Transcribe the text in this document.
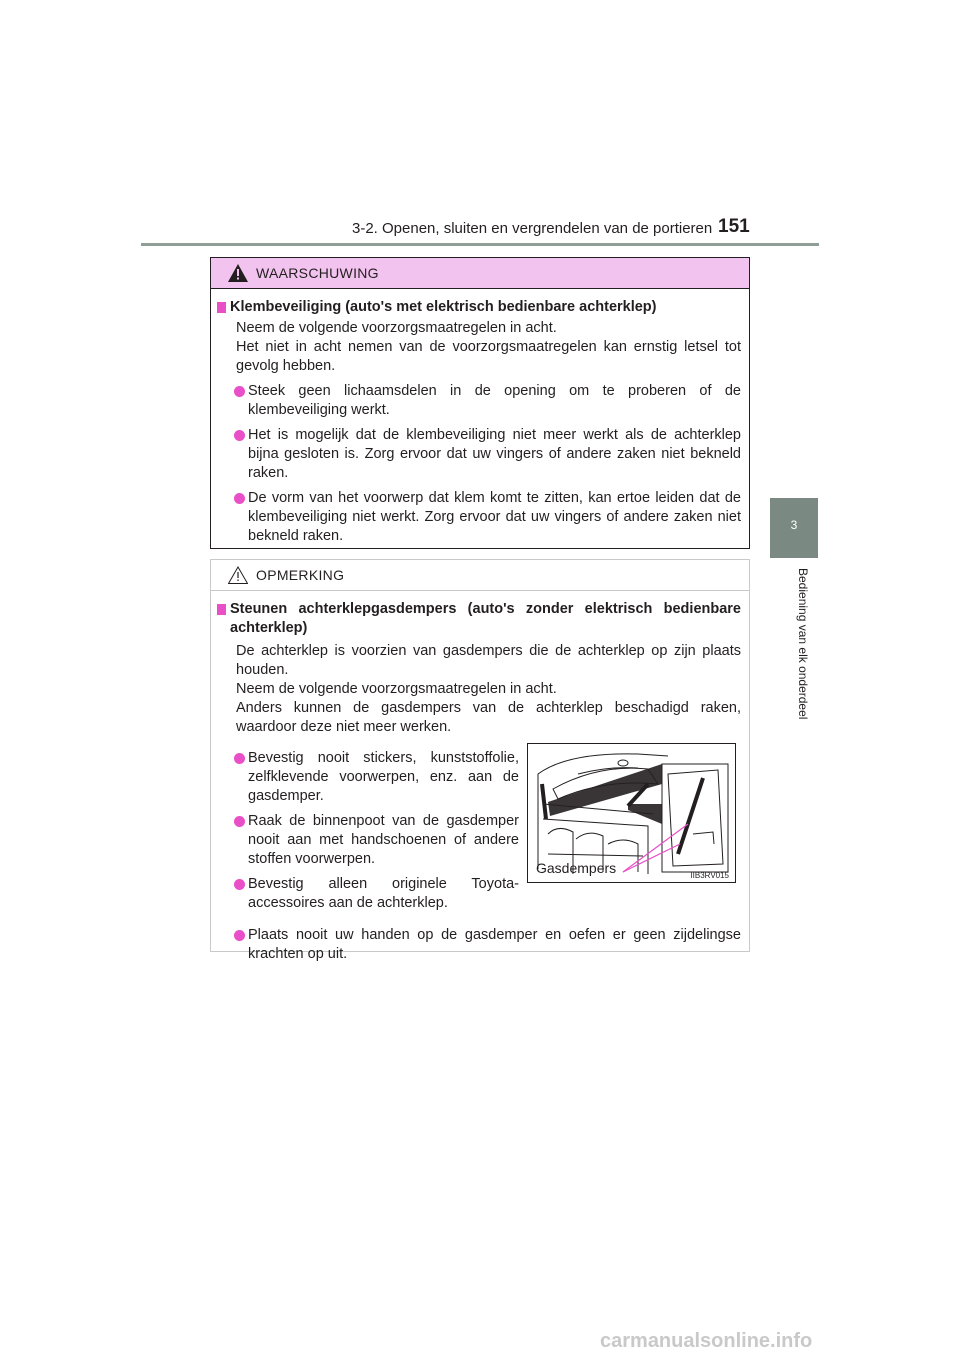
3-2. Openen, sluiten en vergrendelen van de portieren 151
3
Bediening van elk onderdeel
WAARSCHUWING
Klembeveiliging (auto's met elektrisch bedienbare achterklep)
Neem de volgende voorzorgsmaatregelen in acht.
Het niet in acht nemen van de voorzorgsmaatregelen kan ernstig letsel tot gevolg hebben.
Steek geen lichaamsdelen in de opening om te proberen of de klembeveiliging werkt.
Het is mogelijk dat de klembeveiliging niet meer werkt als de achterklep bijna gesloten is. Zorg ervoor dat uw vingers of andere zaken niet bekneld raken.
De vorm van het voorwerp dat klem komt te zitten, kan ertoe leiden dat de klembeveiliging niet werkt. Zorg ervoor dat uw vingers of andere zaken niet bekneld raken.
OPMERKING
Steunen achterklepgasdempers (auto's zonder elektrisch bedienbare achterklep)
De achterklep is voorzien van gasdempers die de achterklep op zijn plaats houden.
Neem de volgende voorzorgsmaatregelen in acht.
Anders kunnen de gasdempers van de achterklep beschadigd raken, waardoor deze niet meer werken.
Bevestig nooit stickers, kunststoffolie, zelfklevende voorwerpen, enz. aan de gasdemper.
Raak de binnenpoot van de gasdemper nooit aan met handschoenen of andere stoffen voorwerpen.
Bevestig alleen originele Toyota-accessoires aan de achterklep.
Plaats nooit uw handen op de gasdemper en oefen er geen zijdelingse krachten op uit.
Gasdempers	IIB3RV015
carmanualsonline.info
